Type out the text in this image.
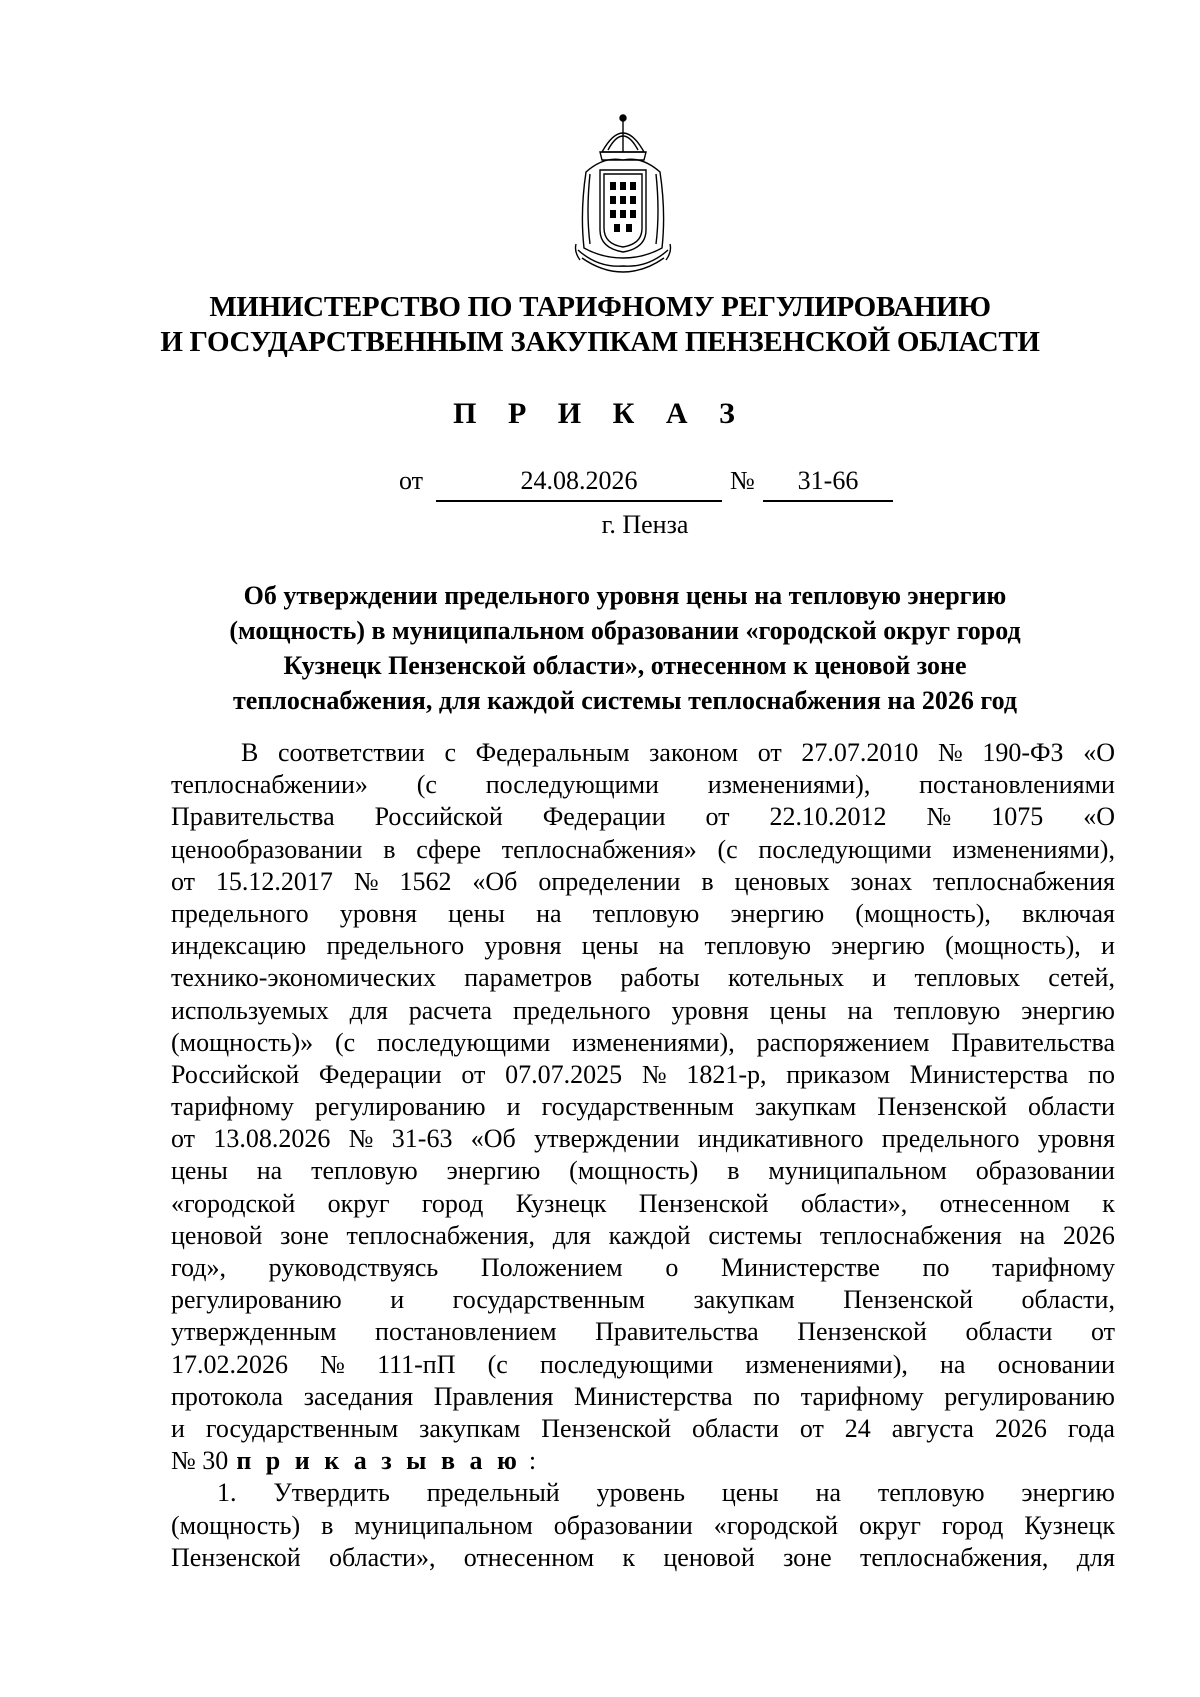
МИНИСТЕРСТВО ПО ТАРИФНОМУ РЕГУЛИРОВАНИЮ
И ГОСУДАРСТВЕННЫМ ЗАКУПКАМ ПЕНЗЕНСКОЙ ОБЛАСТИ
П Р И К А З
от	24.08.2026	№	31-66
г. Пенза
Об утверждении предельного уровня цены на тепловую энергию
(мощность) в муниципальном образовании «городской округ город
Кузнецк Пензенской области», отнесенном к ценовой зоне
теплоснабжения, для каждой системы теплоснабжения на 2026 год
В соответствии с Федеральным законом от 27.07.2010 № 190-ФЗ «О
теплоснабжении» (с последующими изменениями), постановлениями
Правительства Российской Федерации от 22.10.2012 № 1075 «О
ценообразовании в сфере теплоснабжения» (с последующими изменениями),
от 15.12.2017 № 1562 «Об определении в ценовых зонах теплоснабжения
предельного уровня цены на тепловую энергию (мощность), включая
индексацию предельного уровня цены на тепловую энергию (мощность), и
технико-экономических параметров работы котельных и тепловых сетей,
используемых для расчета предельного уровня цены на тепловую энергию
(мощность)» (с последующими изменениями), распоряжением Правительства
Российской Федерации от 07.07.2025 № 1821-р, приказом Министерства по
тарифному регулированию и государственным закупкам Пензенской области
от 13.08.2026 № 31-63 «Об утверждении индикативного предельного уровня
цены на тепловую энергию (мощность) в муниципальном образовании
«городской округ город Кузнецк Пензенской области», отнесенном к
ценовой зоне теплоснабжения, для каждой системы теплоснабжения на 2026
год», руководствуясь Положением о Министерстве по тарифному
регулированию и государственным закупкам Пензенской области,
утвержденным постановлением Правительства Пензенской области от
17.02.2026 № 111-пП (с последующими изменениями), на основании
протокола заседания Правления Министерства по тарифному регулированию
и государственным закупкам Пензенской области от 24 августа 2026 года
№ 30 п р и к а з ы в а ю :
1. Утвердить предельный уровень цены на тепловую энергию
(мощность) в муниципальном образовании «городской округ город Кузнецк
Пензенской области», отнесенном к ценовой зоне теплоснабжения, для
